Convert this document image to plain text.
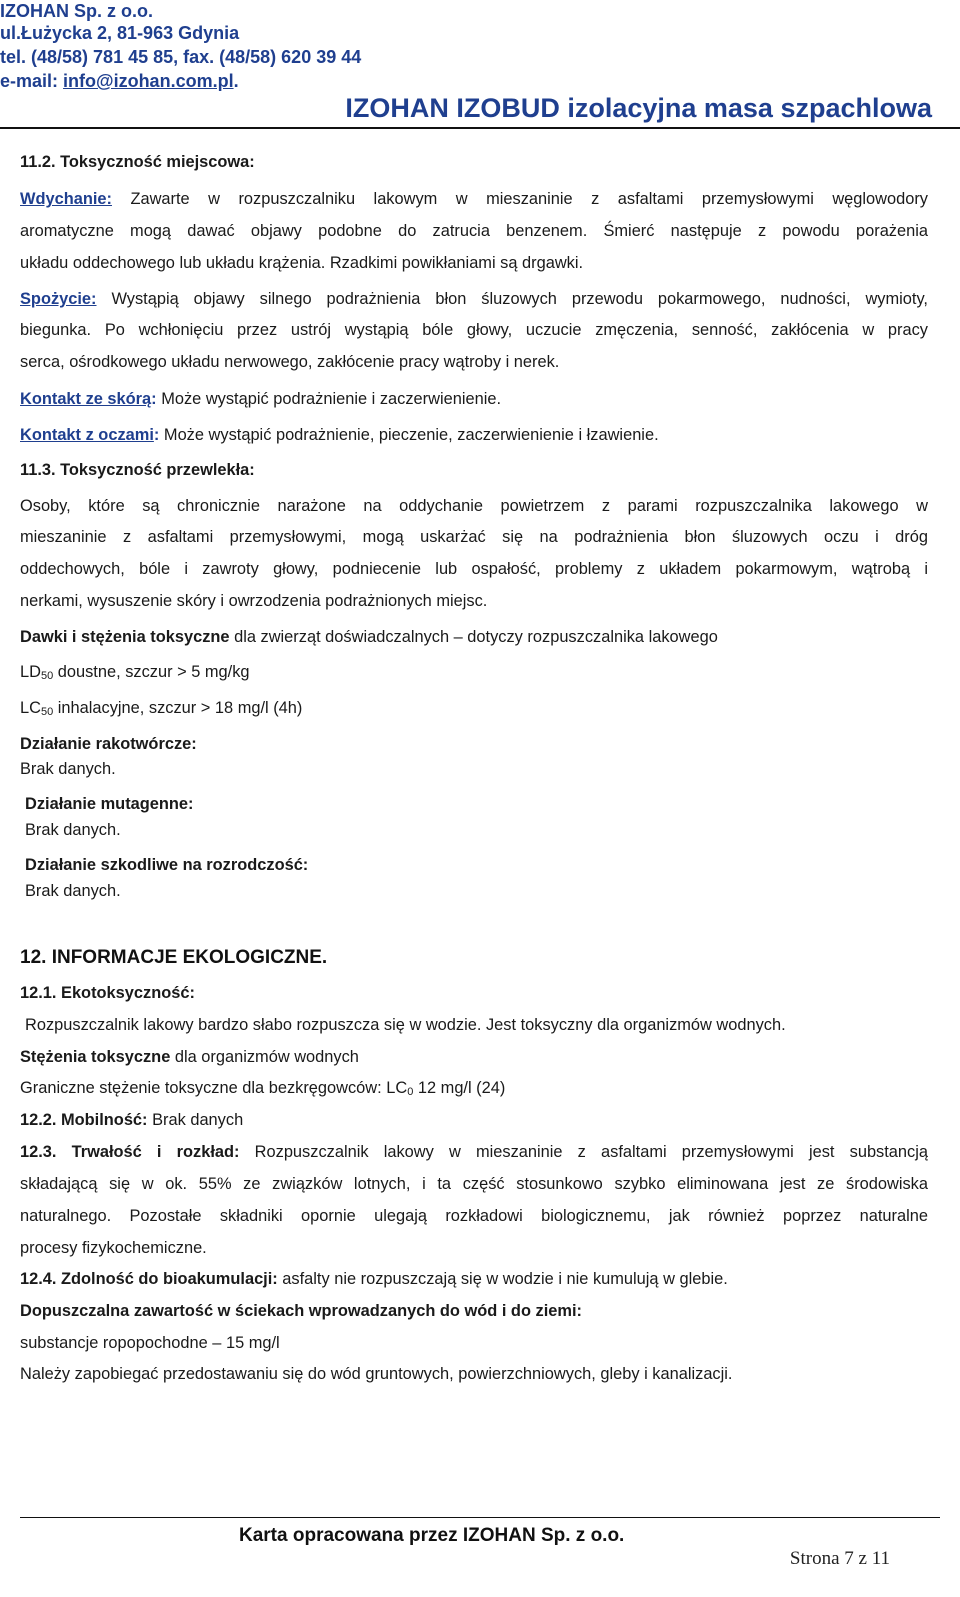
IZOHAN Sp. z o.o.
ul.Łużycka 2, 81-963 Gdynia
tel. (48/58) 781 45 85, fax. (48/58) 620 39 44
e-mail: info@izohan.com.pl.
IZOHAN IZOBUD izolacyjna masa szpachlowa
11.2. Toksyczność miejscowa:
Wdychanie: Zawarte w rozpuszczalniku lakowym w mieszaninie z asfaltami przemysłowymi węglowodory
aromatyczne mogą dawać objawy podobne do zatrucia benzenem. Śmierć następuje z powodu porażenia
układu oddechowego lub układu krążenia. Rzadkimi powikłaniami są drgawki.
Spożycie: Wystąpią objawy silnego podrażnienia błon śluzowych przewodu pokarmowego, nudności, wymioty,
biegunka. Po wchłonięciu przez ustrój wystąpią bóle głowy, uczucie zmęczenia, senność, zakłócenia w pracy
serca, ośrodkowego układu nerwowego, zakłócenie pracy wątroby i nerek.
Kontakt ze skórą: Może wystąpić podrażnienie i zaczerwienienie.
Kontakt z oczami: Może wystąpić podrażnienie, pieczenie, zaczerwienienie i łzawienie.
11.3. Toksyczność przewlekła:
Osoby, które są chronicznie narażone na oddychanie powietrzem z parami rozpuszczalnika lakowego w
mieszaninie z asfaltami przemysłowymi, mogą uskarżać się na podrażnienia błon śluzowych oczu i dróg
oddechowych, bóle i zawroty głowy, podniecenie lub ospałość, problemy z układem pokarmowym, wątrobą i
nerkami, wysuszenie skóry i owrzodzenia podrażnionych miejsc.
Dawki i stężenia toksyczne dla zwierząt doświadczalnych – dotyczy rozpuszczalnika lakowego
$LD_{50}$ doustne, szczur > 5 mg/kg
$LC_{50}$ inhalacyjne, szczur > 18 mg/l (4h)
Działanie rakotwórcze:
Brak danych.
Działanie mutagenne:
Brak danych.
Działanie szkodliwe na rozrodczość:
Brak danych.
12. INFORMACJE EKOLOGICZNE.
12.1. Ekotoksyczność:
Rozpuszczalnik lakowy bardzo słabo rozpuszcza się w wodzie. Jest toksyczny dla organizmów wodnych.
Stężenia toksyczne dla organizmów wodnych
Graniczne stężenie toksyczne dla bezkręgowców: $LC_0$ 12 mg/l (24)
12.2. Mobilność: Brak danych
12.3. Trwałość i rozkład: Rozpuszczalnik lakowy w mieszaninie z asfaltami przemysłowymi jest substancją
składającą się w ok. 55% ze związków lotnych, i ta część stosunkowo szybko eliminowana jest ze środowiska
naturalnego. Pozostałe składniki opornie ulegają rozkładowi biologicznemu, jak również poprzez naturalne
procesy fizykochemiczne.
12.4. Zdolność do bioakumulacji: asfalty nie rozpuszczają się w wodzie i nie kumulują w glebie.
Dopuszczalna zawartość w ściekach wprowadzanych do wód i do ziemi:
substancje ropopochodne – 15 mg/l
Należy zapobiegać przedostawaniu się do wód gruntowych, powierzchniowych, gleby i kanalizacji.
Karta opracowana przez IZOHAN Sp. z o.o.
Strona 7 z 11
